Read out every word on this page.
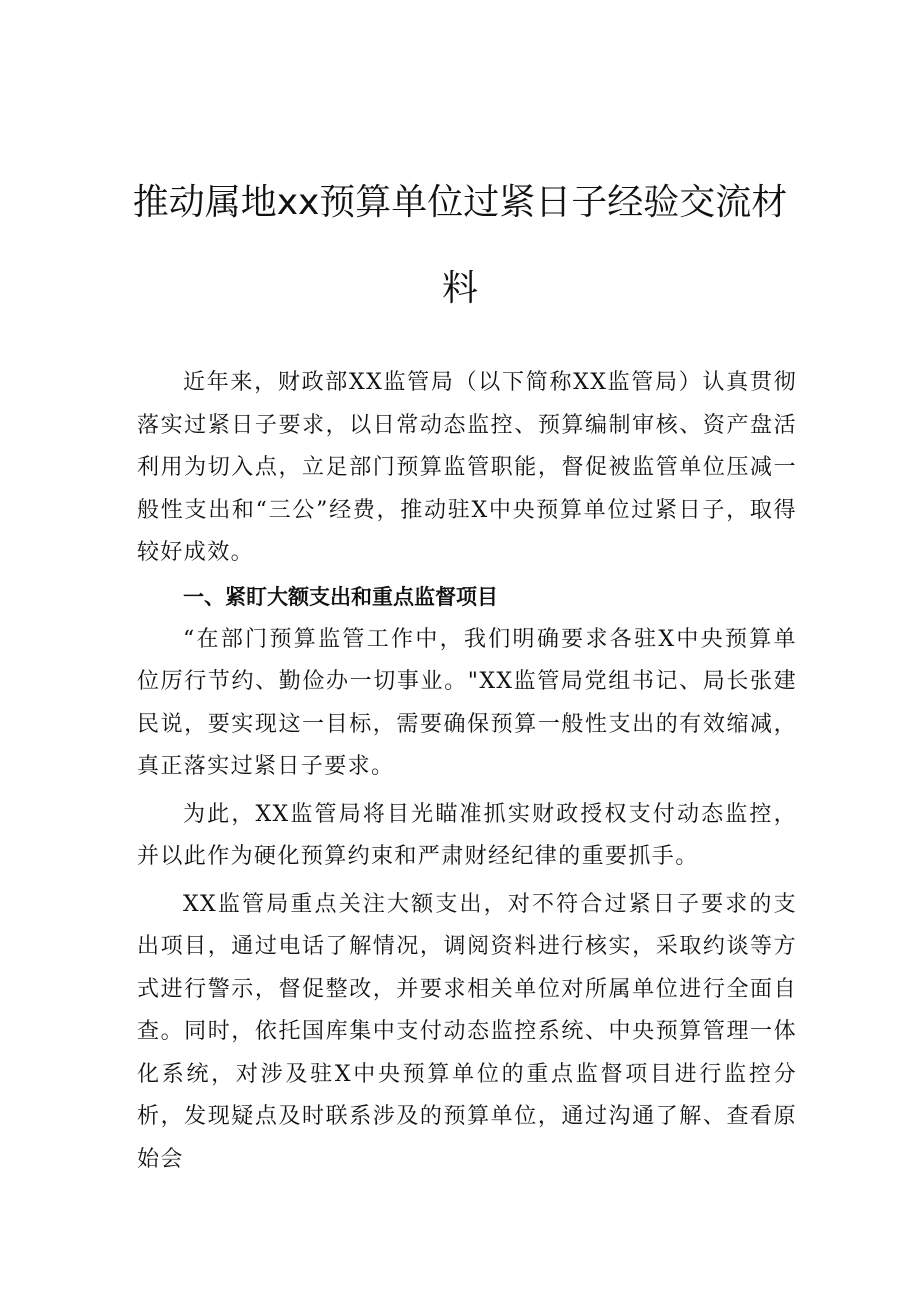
推动属地xx预算单位过紧日子经验交流材料

近年来，财政部XX监管局（以下简称XX监管局）认真贯彻落实过紧日子要求，以日常动态监控、预算编制审核、资产盘活利用为切入点，立足部门预算监管职能，督促被监管单位压减一般性支出和“三公”经费，推动驻X中央预算单位过紧日子，取得较好成效。

一、紧盯大额支出和重点监督项目

“在部门预算监管工作中，我们明确要求各驻X中央预算单位厉行节约、勤俭办一切事业。"XX监管局党组书记、局长张建民说，要实现这一目标，需要确保预算一般性支出的有效缩减，真正落实过紧日子要求。

为此，XX监管局将目光瞄准抓实财政授权支付动态监控，并以此作为硬化预算约束和严肃财经纪律的重要抓手。

XX监管局重点关注大额支出，对不符合过紧日子要求的支出项目，通过电话了解情况，调阅资料进行核实，采取约谈等方式进行警示，督促整改，并要求相关单位对所属单位进行全面自查。同时，依托国库集中支付动态监控系统、中央预算管理一体化系统，对涉及驻X中央预算单位的重点监督项目进行监控分析，发现疑点及时联系涉及的预算单位，通过沟通了解、查看原始会
